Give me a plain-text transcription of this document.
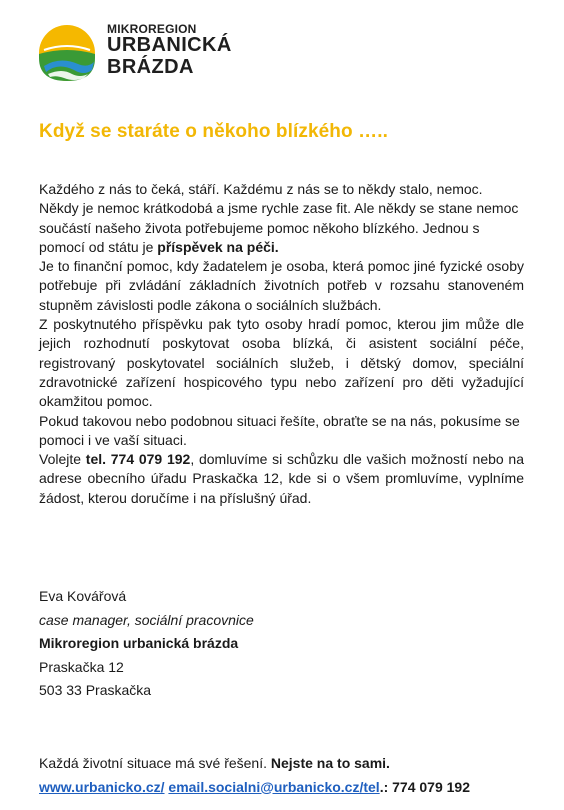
MIKROREGION
URBANICKÁ
BRÁZDA
Když se staráte o někoho blízkého …..

Každého z nás to čeká, stáří. Každému z nás se to někdy stalo, nemoc. Někdy je nemoc krátkodobá a jsme rychle zase fit. Ale někdy se stane nemoc součástí našeho života potřebujeme pomoc někoho blízkého. Jednou s pomocí od státu je příspěvek na péči.

Je to finanční pomoc, kdy žadatelem je osoba, která pomoc jiné fyzické osoby potřebuje při zvládání základních životních potřeb v rozsahu stanoveném stupněm závislosti podle zákona o sociálních službách.

Z poskytnutého příspěvku pak tyto osoby hradí pomoc, kterou jim může dle jejich rozhodnutí poskytovat osoba blízká, či asistent sociální péče, registrovaný poskytovatel sociálních služeb, i dětský domov, speciální zdravotnické zařízení hospicového typu nebo zařízení pro děti vyžadující okamžitou pomoc.

Pokud takovou nebo podobnou situaci řešíte, obraťte se na nás, pokusíme se pomoci i ve vaší situaci.

Volejte tel. 774 079 192, domluvíme si schůzku dle vašich možností nebo na adrese obecního úřadu Praskačka 12, kde si o všem promluvíme, vyplníme žádost, kterou doručíme i na příslušný úřad.

Eva Kovářová
case manager, sociální pracovnice
Mikroregion urbanická brázda
Praskačka 12
503 33 Praskačka
Každá životní situace má své řešení. Nejste na to sami.
www.urbanicko.cz/ email.socialni@urbanicko.cz/tel.: 774 079 192
